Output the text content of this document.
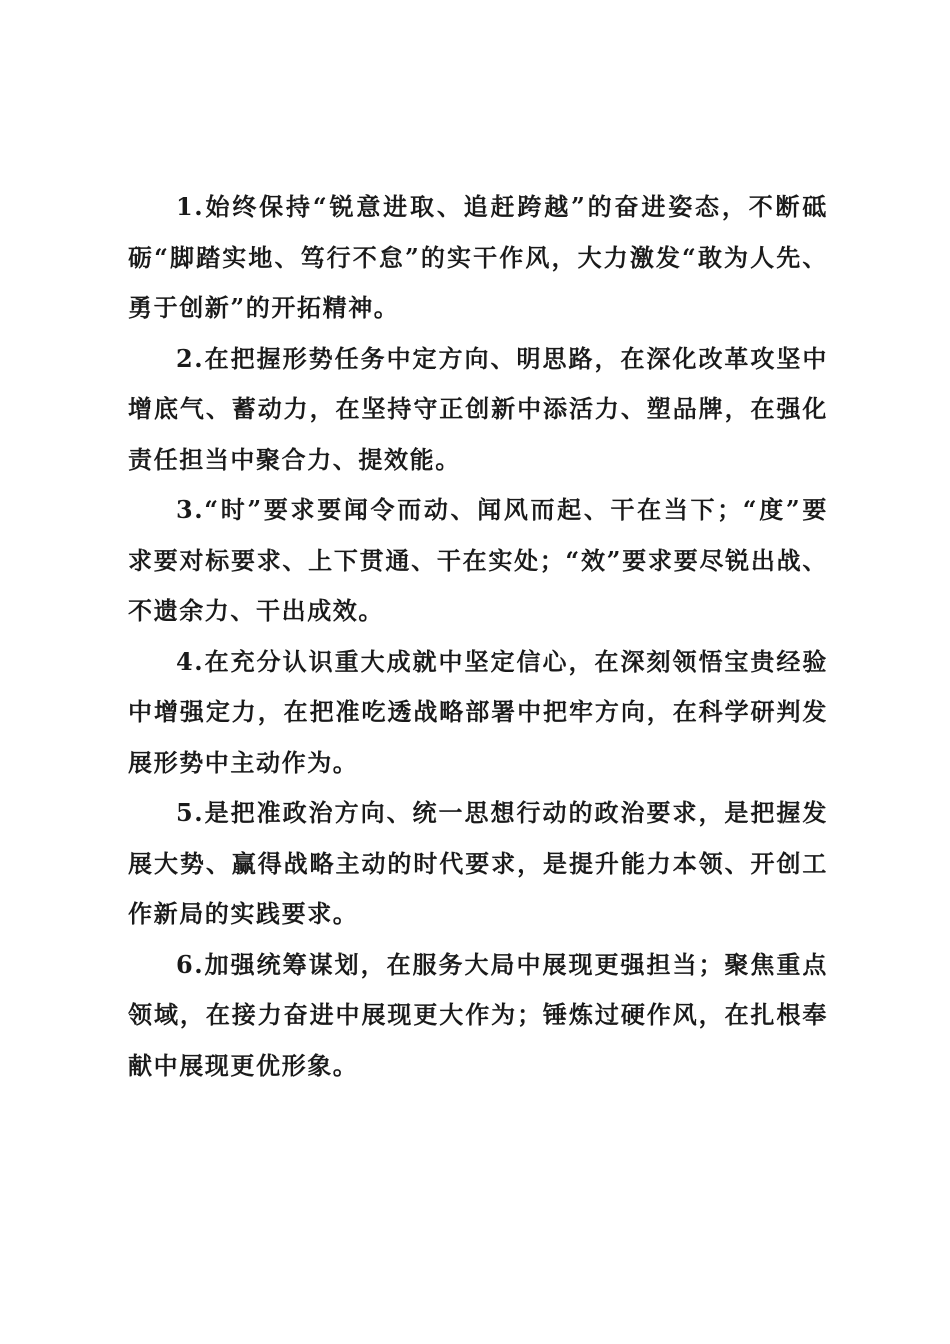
1.始终保持“锐意进取、追赶跨越”的奋进姿态，不断砥砺“脚踏实地、笃行不怠”的实干作风，大力激发“敢为人先、勇于创新”的开拓精神。

2.在把握形势任务中定方向、明思路，在深化改革攻坚中增底气、蓄动力，在坚持守正创新中添活力、塑品牌，在强化责任担当中聚合力、提效能。

3.“时”要求要闻令而动、闻风而起、干在当下；“度”要求要对标要求、上下贯通、干在实处；“效”要求要尽锐出战、不遗余力、干出成效。

4.在充分认识重大成就中坚定信心，在深刻领悟宝贵经验中增强定力，在把准吃透战略部署中把牢方向，在科学研判发展形势中主动作为。

5.是把准政治方向、统一思想行动的政治要求，是把握发展大势、赢得战略主动的时代要求，是提升能力本领、开创工作新局的实践要求。

6.加强统筹谋划，在服务大局中展现更强担当；聚焦重点领域，在接力奋进中展现更大作为；锤炼过硬作风，在扎根奉献中展现更优形象。
